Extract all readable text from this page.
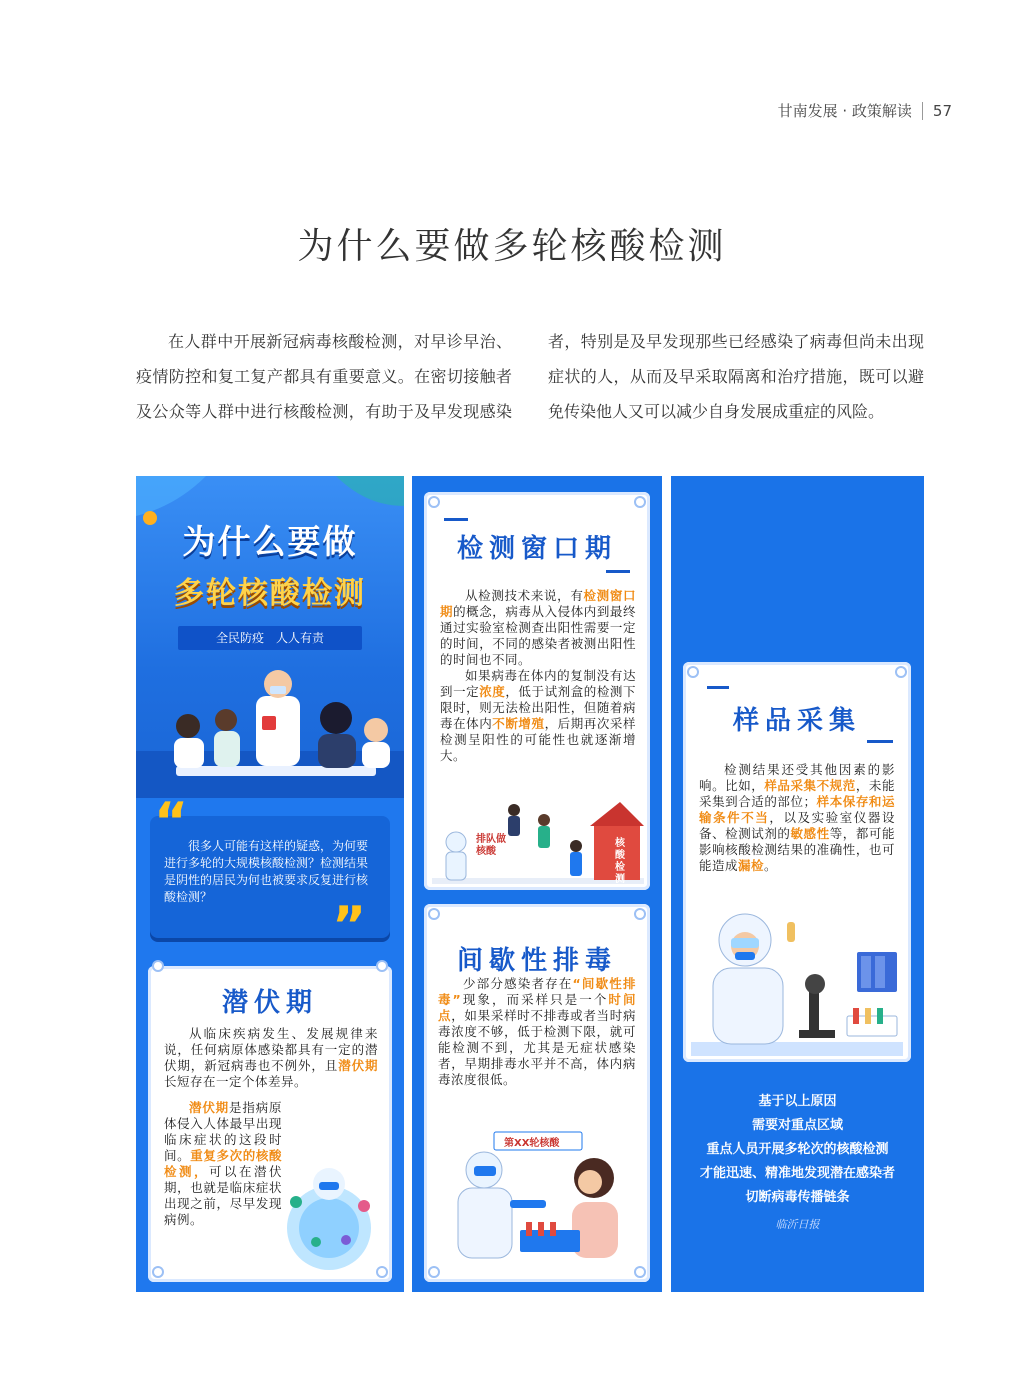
甘南发展 · 政策解读 57
为什么要做多轮核酸检测
在人群中开展新冠病毒核酸检测，对早诊早治、疫情防控和复工复产都具有重要意义。在密切接触者及公众等人群中进行核酸检测，有助于及早发现感染者，特别是及早发现那些已经感染了病毒但尚未出现症状的人，从而及早采取隔离和治疗措施，既可以避免传染他人又可以减少自身发展成重症的风险。
为什么要做
多轮核酸检测
全民防疫　人人有责
“ 很多人可能有这样的疑惑，为何要进行多轮的大规模核酸检测？检测结果是阴性的居民为何也被要求反复进行核酸检测？	”
潜伏期

从临床疾病发生、发展规律来说，任何病原体感染都具有一定的潜伏期，新冠病毒也不例外，且潜伏期长短存在一定个体差异。

潜伏期是指病原体侵入人体最早出现临床症状的这段时间。重复多次的核酸检测，可以在潜伏期，也就是临床症状出现之前，尽早发现病例。

检测窗口期

从检测技术来说，有检测窗口期的概念，病毒从入侵体内到最终通过实验室检测查出阳性需要一定的时间，不同的感染者被测出阳性的时间也不同。

如果病毒在体内的复制没有达到一定浓度，低于试剂盒的检测下限时，则无法检出阳性，但随着病毒在体内不断增殖，后期再次采样检测呈阳性的可能性也就逐渐增大。

排队做核酸
核酸检测
间歇性排毒

少部分感染者存在“间歇性排毒”现象，而采样只是一个时间点，如果采样时不排毒或者当时病毒浓度不够，低于检测下限，就可能检测不到，尤其是无症状感染者，早期排毒水平并不高，体内病毒浓度很低。

第XX轮核酸
样品采集

检测结果还受其他因素的影响。比如，样品采集不规范，未能采集到合适的部位；样本保存和运输条件不当，以及实验室仪器设备、检测试剂的敏感性等，都可能影响核酸检测结果的准确性，也可能造成漏检。

基于以上原因
需要对重点区域
重点人员开展多轮次的核酸检测
才能迅速、精准地发现潜在感染者
切断病毒传播链条
临沂日报
